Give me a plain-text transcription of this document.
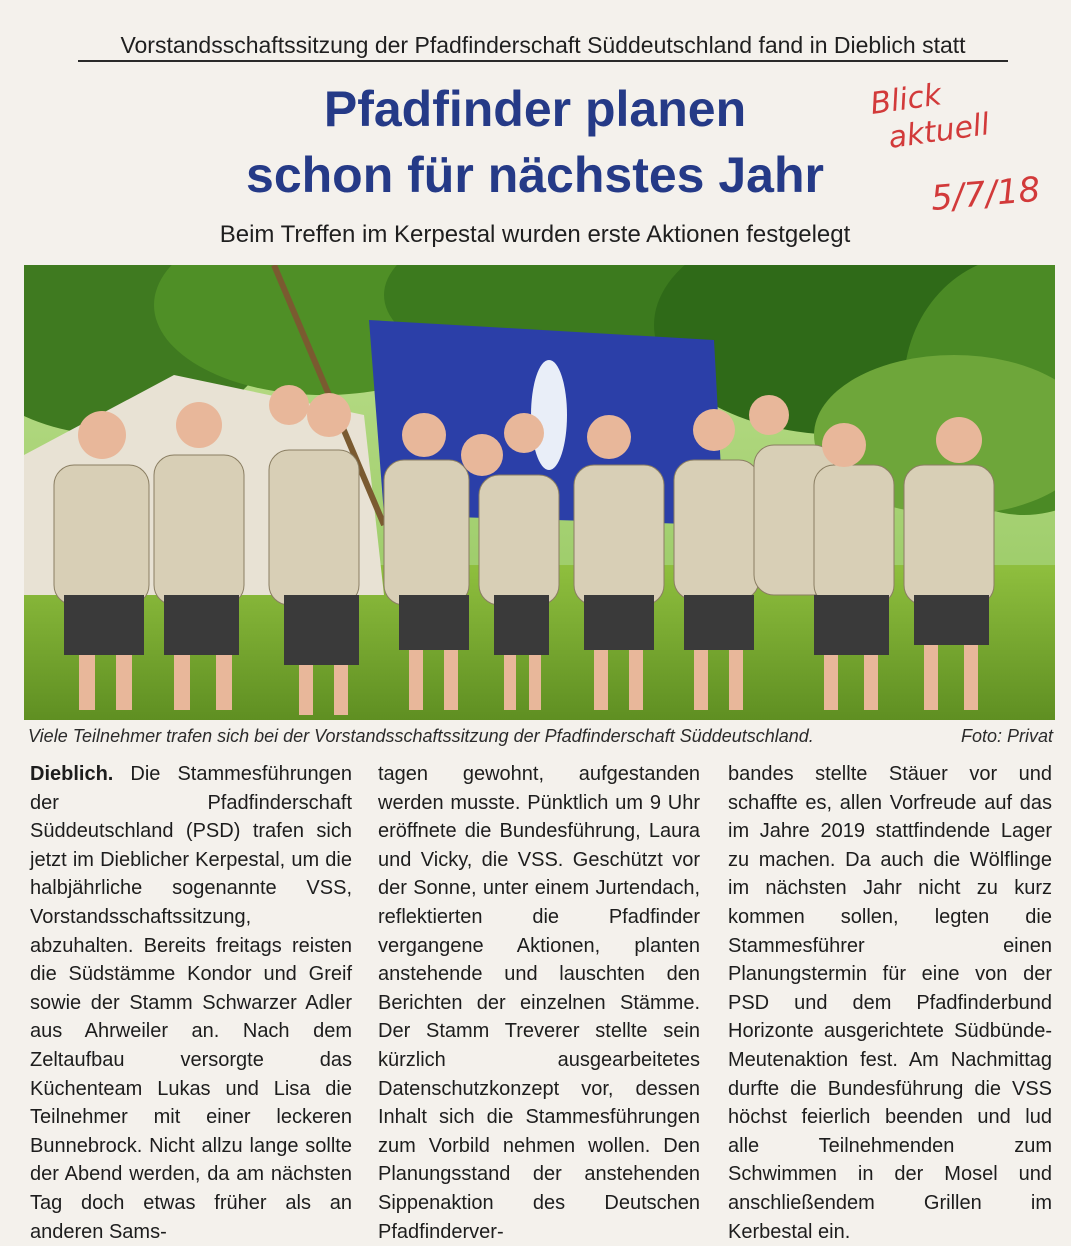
Vorstandsschaftssitzung der Pfadfinderschaft Süddeutschland fand in Dieblich statt
Pfadfinder planen
schon für nächstes Jahr
Blick
aktuell
5/7/18
Beim Treffen im Kerpestal wurden erste Aktionen festgelegt
Viele Teilnehmer trafen sich bei der Vorstandsschaftssitzung der Pfadfinderschaft Süddeutschland.	Foto: Privat

Dieblich. Die Stammesführungen der Pfadfinderschaft Süddeutschland (PSD) trafen sich jetzt im Dieblicher Kerpestal, um die halbjährliche sogenannte VSS, Vorstandsschaftssitzung, abzuhalten. Bereits freitags reisten die Südstämme Kondor und Greif sowie der Stamm Schwarzer Adler aus Ahrweiler an. Nach dem Zeltaufbau versorgte das Küchenteam Lukas und Lisa die Teilnehmer mit einer leckeren Bunnebrock. Nicht allzu lange sollte der Abend werden, da am nächsten Tag doch etwas früher als an anderen Sams-

tagen gewohnt, aufgestanden werden musste. Pünktlich um 9 Uhr eröffnete die Bundesführung, Laura und Vicky, die VSS. Geschützt vor der Sonne, unter einem Jurtendach, reflektierten die Pfadfinder vergangene Aktionen, planten anstehende und lauschten den Berichten der einzelnen Stämme. Der Stamm Treverer stellte sein kürzlich ausgearbeitetes Datenschutzkonzept vor, dessen Inhalt sich die Stammesführungen zum Vorbild nehmen wollen. Den Planungsstand der anstehenden Sippenaktion des Deutschen Pfadfinderver-

bandes stellte Stäuer vor und schaffte es, allen Vorfreude auf das im Jahre 2019 stattfindende Lager zu machen. Da auch die Wölflinge im nächsten Jahr nicht zu kurz kommen sollen, legten die Stammesführer einen Planungstermin für eine von der PSD und dem Pfadfinderbund Horizonte ausgerichtete Südbünde-Meutenaktion fest. Am Nachmittag durfte die Bundesführung die VSS höchst feierlich beenden und lud alle Teilnehmenden zum Schwimmen in der Mosel und anschließendem Grillen im Kerbestal ein.
